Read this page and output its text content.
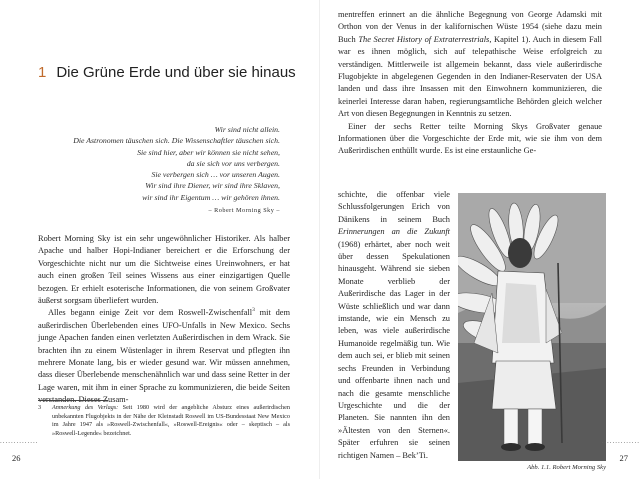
1 Die Grüne Erde und über sie hinaus
Wir sind nicht allein.
Die Astronomen täuschen sich. Die Wissenschaftler täuschen sich.
Sie sind hier, aber wir können sie nicht sehen,
da sie sich vor uns verbergen.
Sie verbergen sich … vor unseren Augen.
Wir sind ihre Diener, wir sind ihre Sklaven,
wir sind ihr Eigentum … wir gehören ihnen.
– Robert Morning Sky –

Robert Morning Sky ist ein sehr ungewöhnlicher Historiker. Als halber Apache und halber Hopi-Indianer bereichert er die Erforschung der Vorgeschichte nicht nur um die Sichtweise eines Ureinwohners, er hat auch einen großen Teil seines Wissens aus einer einzigartigen Quelle bezogen. Er erhielt esoterische Informationen, die von seinem Großvater äußerst sorgsam überliefert wurden.

Alles begann einige Zeit vor dem Roswell-Zwischenfall$^3$ mit dem außerirdischen Überlebenden eines UFO-Unfalls in New Mexico. Sechs junge Apachen fanden einen verletzten Außerirdischen in dem Wrack. Sie brachten ihn zu einem Wüstenlager in ihrem Reservat und pflegten ihn mehrere Monate lang, bis er wieder gesund war. Wir müssen annehmen, dass dieser Überlebende menschenähnlich war und dass seine Retter in der Lage waren, mit ihm in einer Sprache zu kommunizieren, die beide Seiten verstanden. Dieses Zusam-

3 Anmerkung des Verlags: Seit 1980 wird der angebliche Absturz eines außerirdischen unbekannten Flugobjekts in der Nähe der Kleinstadt Roswell im US-Bundesstaat New Mexico im Jahre 1947 als »Roswell-Zwischenfall«, »Roswell-Ereignis« oder – skeptisch – als »Roswell-Legende« bezeichnet.
..............
26

mentreffen erinnert an die ähnliche Begegnung von George Adamski mit Orthon von der Venus in der kalifornischen Wüste 1954 (siehe dazu mein Buch The Secret History of Extraterrestrials, Kapitel 1). Auch in diesem Fall war es ihnen möglich, sich auf telepathische Weise erfolgreich zu verständigen. Mittlerweile ist allgemein bekannt, dass viele außerirdische Flugobjekte in abgelegenen Gegenden in den Indianer-Reservaten der USA landen und dass ihre Insassen mit den Einwohnern kommunizieren, die keinerlei Interesse daran haben, regierungsamtliche Behörden gleich welcher Art von diesen Begegnungen in Kenntnis zu setzen.

Einer der sechs Retter teilte Morning Skys Großvater genaue Informationen über die Vorgeschichte der Erde mit, wie sie ihm von dem Außerirdischen enthüllt wurde. Es ist eine erstaunliche Ge-

schichte, die offenbar viele Schlussfolgerungen Erich von Dänikens in seinem Buch Erinnerungen an die Zukunft (1968) erhärtet, aber noch weit über dessen Spekulationen hinausgeht. Während sie sieben Monate verblieb der Außerirdische das Lager in der Wüste schließlich und war dann imstande, wie ein Mensch zu leben, was viele außerirdische Humanoide regelmäßig tun. Wie dem auch sei, er blieb mit seinen sechs Freunden in Verbindung und offenbarte ihnen nach und nach die gesamte menschliche Urgeschichte und die der Planeten. Sie nannten ihn den »Ältesten von den Sternen«. Später erfuhren sie seinen richtigen Namen – Bek’Ti.

Abb. 1.1. Robert Morning Sky
..............
27
